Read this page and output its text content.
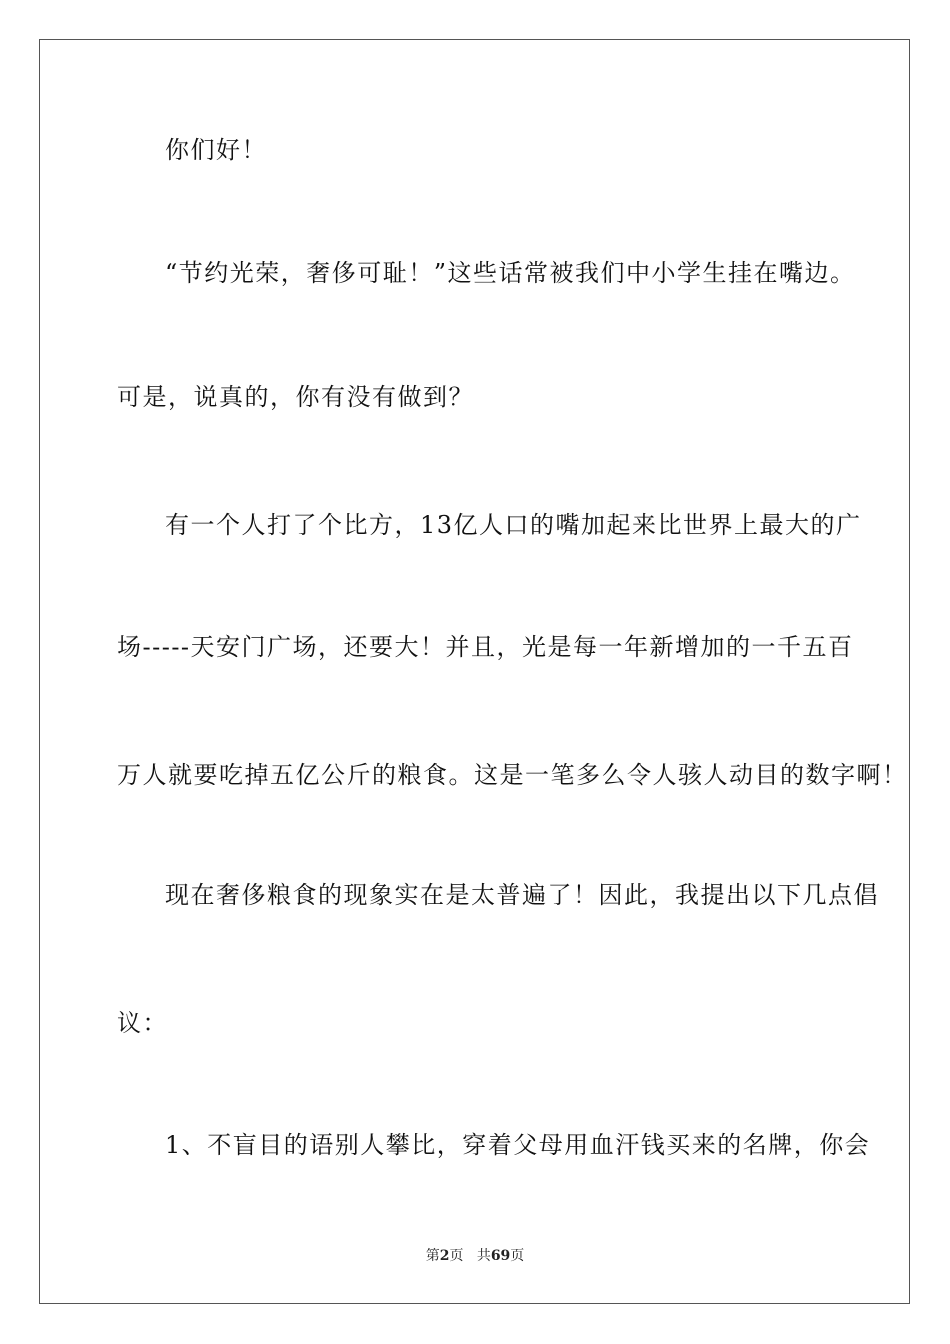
你们好！

“节约光荣，奢侈可耻！”这些话常被我们中小学生挂在嘴边。

可是，说真的，你有没有做到？

有一个人打了个比方，13亿人口的嘴加起来比世界上最大的广

场-----天安门广场，还要大！并且，光是每一年新增加的一千五百

万人就要吃掉五亿公斤的粮食。这是一笔多么令人骇人动目的数字啊！

现在奢侈粮食的现象实在是太普遍了！因此，我提出以下几点倡

议：

1、不盲目的语别人攀比，穿着父母用血汗钱买来的名牌，你会

第2页 共69页
